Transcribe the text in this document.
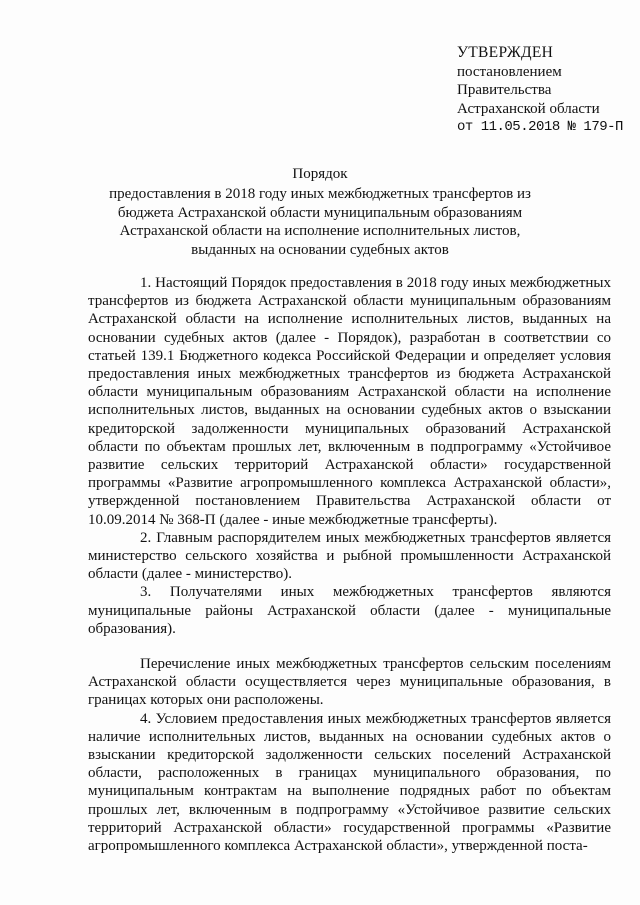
УТВЕРЖДЕН
постановлением
Правительства
Астраханской области
от 11.05.2018 № 179-П
Порядок
предоставления в 2018 году иных межбюджетных трансфертов из бюджета Астраханской области муниципальным образованиям Астраханской области на исполнение исполнительных листов, выданных на основании судебных актов

1. Настоящий Порядок предоставления в 2018 году иных межбюджетных трансфертов из бюджета Астраханской области муниципальным образованиям Астраханской области на исполнение исполнительных листов, выданных на основании судебных актов (далее - Порядок), разработан в соответствии со статьей 139.1 Бюджетного кодекса Российской Федерации и определяет условия предоставления иных межбюджетных трансфертов из бюджета Астраханской области муниципальным образованиям Астраханской области на исполнение исполнительных листов, выданных на основании судебных актов о взыскании кредиторской задолженности муниципальных образований Астраханской области по объектам прошлых лет, включенным в подпрограмму «Устойчивое развитие сельских территорий Астраханской области» государственной программы «Развитие агропромышленного комплекса Астраханской области», утвержденной постановлением Правительства Астраханской области от 10.09.2014 № 368-П (далее - иные межбюджетные трансферты).

2. Главным распорядителем иных межбюджетных трансфертов является министерство сельского хозяйства и рыбной промышленности Астраханской области (далее - министерство).

3. Получателями иных межбюджетных трансфертов являются муниципальные районы Астраханской области (далее - муниципальные образования).

Перечисление иных межбюджетных трансфертов сельским поселениям Астраханской области осуществляется через муниципальные образования, в границах которых они расположены.

4. Условием предоставления иных межбюджетных трансфертов является наличие исполнительных листов, выданных на основании судебных актов о взыскании кредиторской задолженности сельских поселений Астраханской области, расположенных в границах муниципального образования, по муниципальным контрактам на выполнение подрядных работ по объектам прошлых лет, включенным в подпрограмму «Устойчивое развитие сельских территорий Астраханской области» государственной программы «Развитие агропромышленного комплекса Астраханской области», утвержденной поста-
